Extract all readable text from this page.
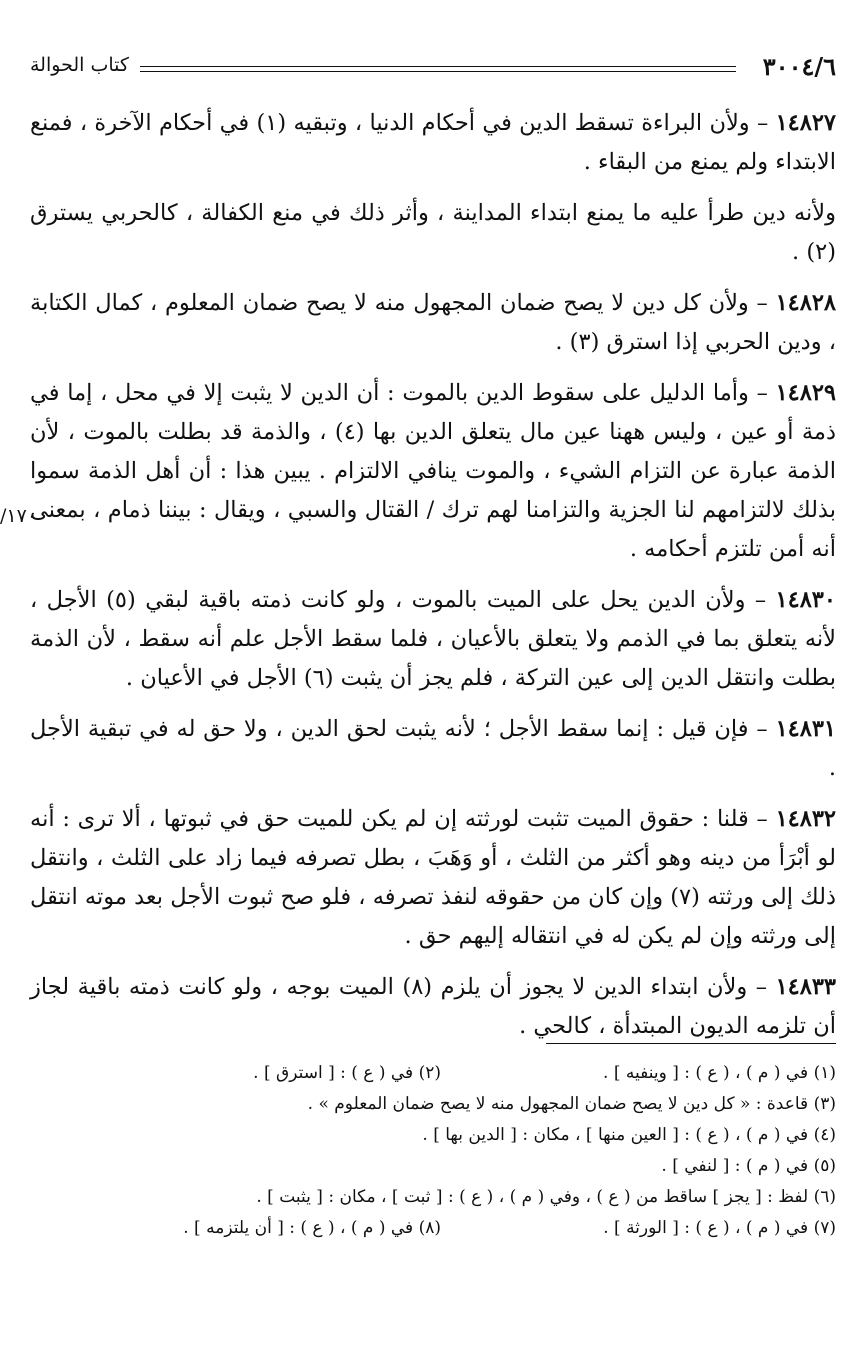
٣٠٠٤/٦
كتاب الحوالة
/١٧٠

١٤٨٢٧ – ولأن البراءة تسقط الدين في أحكام الدنيا ، وتبقيه (١) في أحكام الآخرة ، فمنع الابتداء ولم يمنع من البقاء .

ولأنه دين طرأ عليه ما يمنع ابتداء المداينة ، وأثر ذلك في منع الكفالة ، كالحربي يسترق (٢) .

١٤٨٢٨ – ولأن كل دين لا يصح ضمان المجهول منه لا يصح ضمان المعلوم ، كمال الكتابة ، ودين الحربي إذا استرق (٣) .

١٤٨٢٩ – وأما الدليل على سقوط الدين بالموت : أن الدين لا يثبت إلا في محل ، إما في ذمة أو عين ، وليس ههنا عين مال يتعلق الدين بها (٤) ، والذمة قد بطلت بالموت ، لأن الذمة عبارة عن التزام الشيء ، والموت ينافي الالتزام . يبين هذا : أن أهل الذمة سموا بذلك لالتزامهم لنا الجزية والتزامنا لهم ترك / القتال والسبي ، ويقال : بيننا ذمام ، بمعنى أنه أمن تلتزم أحكامه .

١٤٨٣٠ – ولأن الدين يحل على الميت بالموت ، ولو كانت ذمته باقية لبقي (٥) الأجل ، لأنه يتعلق بما في الذمم ولا يتعلق بالأعيان ، فلما سقط الأجل علم أنه سقط ، لأن الذمة بطلت وانتقل الدين إلى عين التركة ، فلم يجز أن يثبت (٦) الأجل في الأعيان .

١٤٨٣١ – فإن قيل : إنما سقط الأجل ؛ لأنه يثبت لحق الدين ، ولا حق له في تبقية الأجل .

١٤٨٣٢ – قلنا : حقوق الميت تثبت لورثته إن لم يكن للميت حق في ثبوتها ، ألا ترى : أنه لو أبْرَأ من دينه وهو أكثر من الثلث ، أو وَهَبَ ، بطل تصرفه فيما زاد على الثلث ، وانتقل ذلك إلى ورثته (٧) وإن كان من حقوقه لنفذ تصرفه ، فلو صح ثبوت الأجل بعد موته انتقل إلى ورثته وإن لم يكن له في انتقاله إليهم حق .

١٤٨٣٣ – ولأن ابتداء الدين لا يجوز أن يلزم (٨) الميت بوجه ، ولو كانت ذمته باقية لجاز أن تلزمه الديون المبتدأة ، كالحي .

(١) في ( م ) ، ( ع ) : [ وينفيه ] .
(٢) في ( ع ) : [ استرق ] .
(٣) قاعدة : « كل دين لا يصح ضمان المجهول منه لا يصح ضمان المعلوم » .
(٤) في ( م ) ، ( ع ) : [ العين منها ] ، مكان : [ الدين بها ] .
(٥) في ( م ) : [ لنفي ] .
(٦) لفظ : [ يجز ] ساقط من ( ع ) ، وفي ( م ) ، ( ع ) : [ ثبت ] ، مكان : [ يثبت ] .
(٧) في ( م ) ، ( ع ) : [ الورثة ] .
(٨) في ( م ) ، ( ع ) : [ أن يلتزمه ] .
